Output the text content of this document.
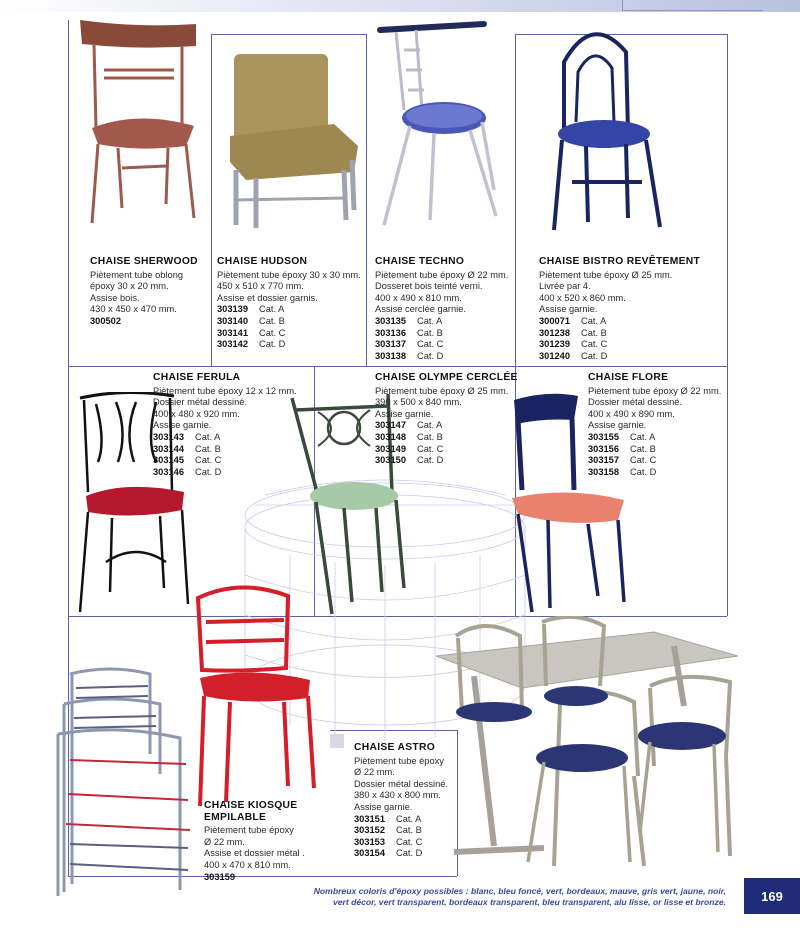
CHAISE SHERWOOD
Piètement tube oblong
époxy 30 x 20 mm.
Assise bois.
430 x 450 x 470 mm.
300502
CHAISE HUDSON
Piètement tube époxy 30 x 30 mm.
450 x 510 x 770 mm.
Assise et dossier garnis.
303139 Cat. A
303140 Cat. B
303141 Cat. C
303142 Cat. D
CHAISE TECHNO
Piètement tube époxy Ø 22 mm.
Dosseret bois teinté verni.
400 x 490 x 810 mm.
Assise cerclée garnie.
303135 Cat. A
303136 Cat. B
303137 Cat. C
303138 Cat. D
CHAISE BISTRO REVÊTEMENT
Piètement tube époxy Ø 25 mm.
Livrée par 4.
400 x 520 x 860 mm.
Assise garnie.
300071 Cat. A
301238 Cat. B
301239 Cat. C
301240 Cat. D
CHAISE FERULA
Piètement tube époxy 12 x 12 mm.
Dossier métal dessiné.
400 x 480 x 920 mm.
Assise garnie.
303143 Cat. A
303144 Cat. B
303145 Cat. C
303146 Cat. D
CHAISE OLYMPE CERCLÉE
Piètement tube époxy Ø 25 mm.
390 x 500 x 840 mm.
Assise garnie.
303147 Cat. A
303148 Cat. B
303149 Cat. C
303150 Cat. D
CHAISE FLORE
Piètement tube époxy Ø 22 mm.
Dossier métal dessiné.
400 x 490 x 890 mm.
Assise garnie.
303155 Cat. A
303156 Cat. B
303157 Cat. C
303158 Cat. D
CHAISE ASTRO
Piètement tube époxy
Ø 22 mm.
Dossier métal dessiné.
380 x 430 x 800 mm.
Assise garnie.
303151 Cat. A
303152 Cat. B
303153 Cat. C
303154 Cat. D
CHAISE KIOSQUE
EMPILABLE
Piètement tube époxy
Ø 22 mm.
Assise et dossier métal .
400 x 470 x 810 mm.
303159
Nombreux coloris d'époxy possibles : blanc, bleu foncé, vert, bordeaux, mauve, gris vert, jaune, noir,
vert décor, vert transparent, bordeaux transparent, bleu transparent, alu lisse, or lisse et bronze.	169
